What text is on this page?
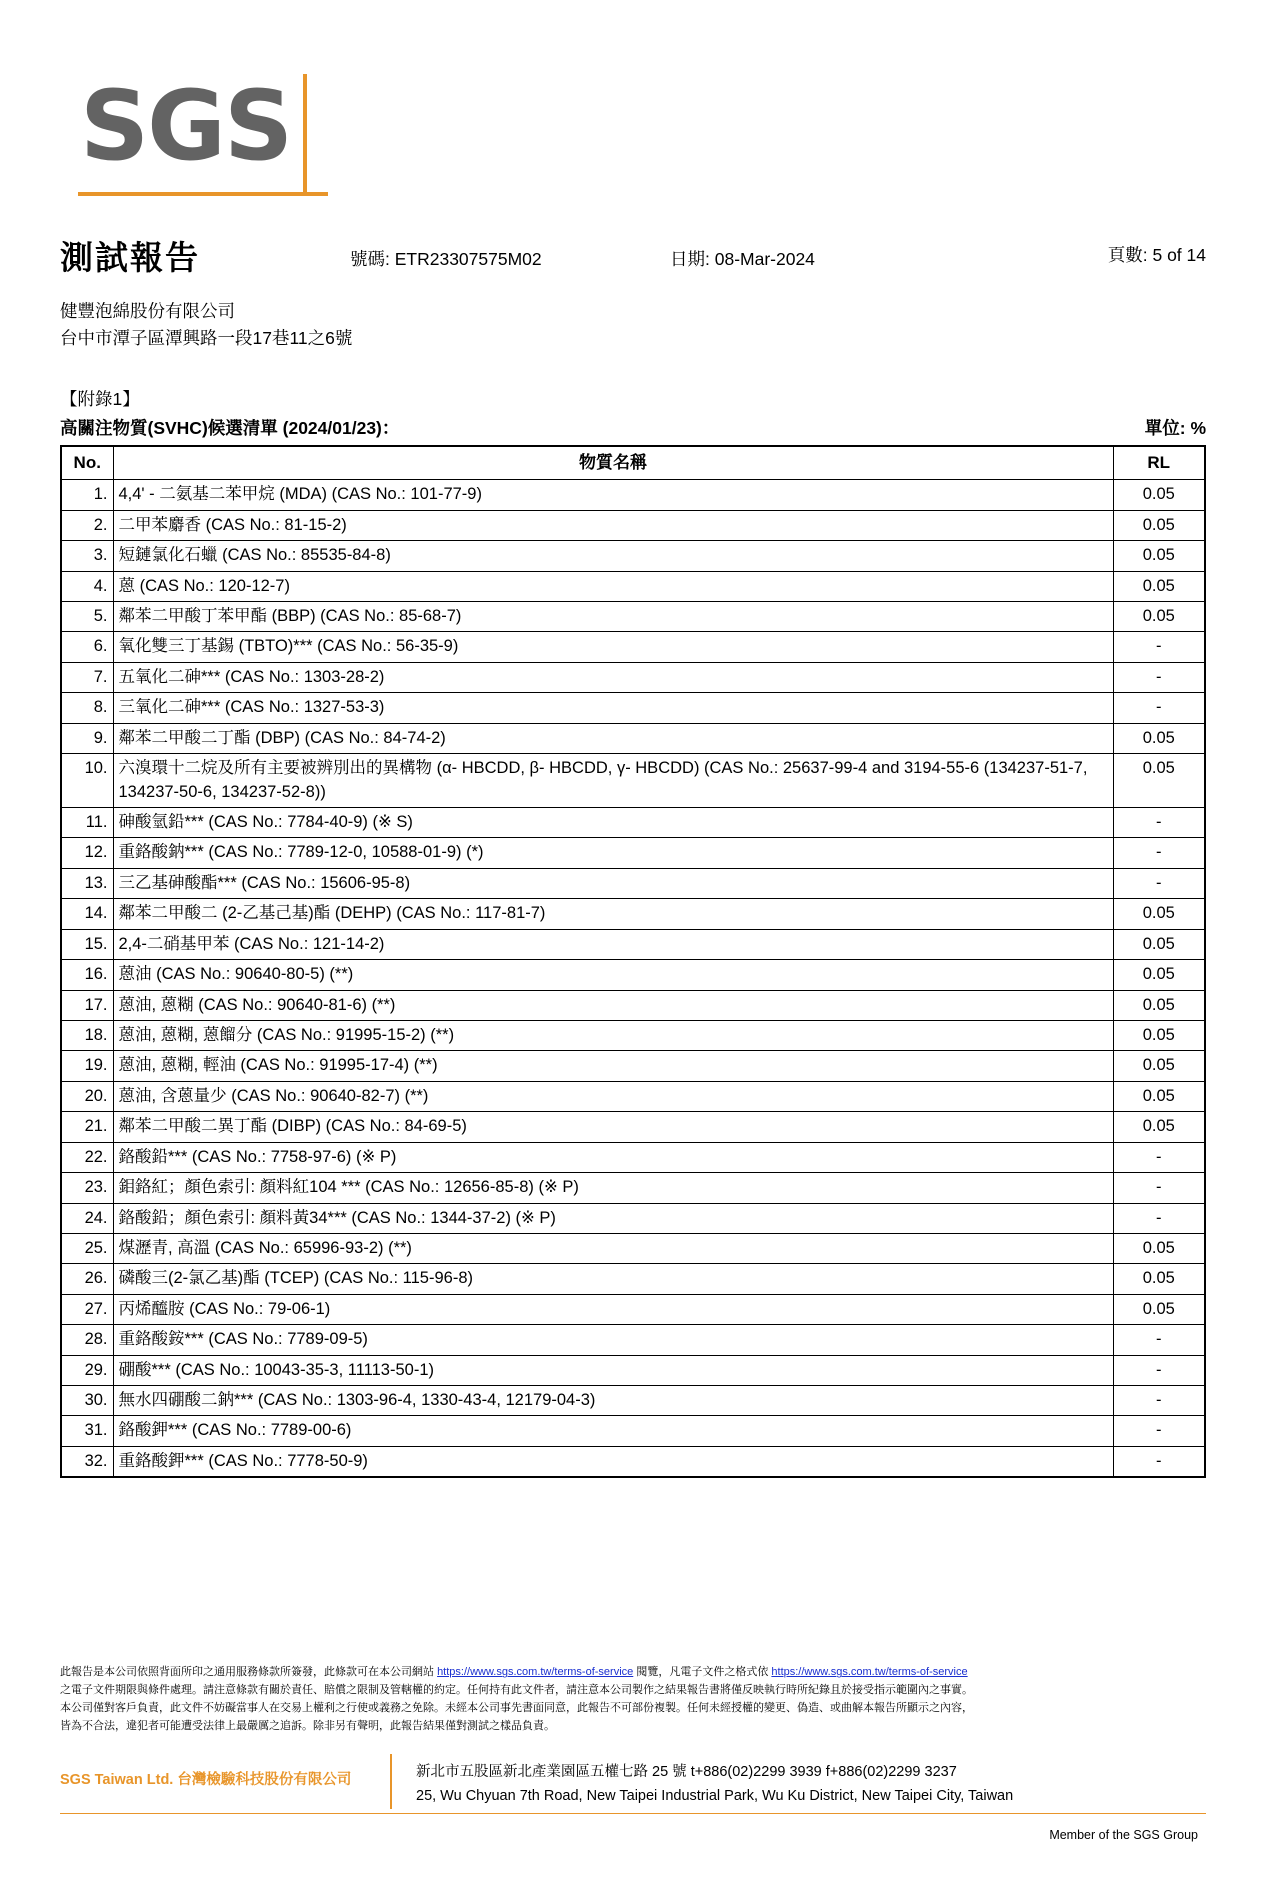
SGS
測試報告	號碼: ETR23307575M02	日期: 08-Mar-2024	頁數: 5 of 14
健豐泡綿股份有限公司
台中市潭子區潭興路一段17巷11之6號
【附錄1】
高關注物質(SVHC)候選清單 (2024/01/23)：	單位: %
No.	物質名稱	RL
1.	4,4' - 二氨基二苯甲烷 (MDA) (CAS No.: 101-77-9)	0.05
2.	二甲苯麝香 (CAS No.: 81-15-2)	0.05
3.	短鏈氯化石蠟 (CAS No.: 85535-84-8)	0.05
4.	蒽 (CAS No.: 120-12-7)	0.05
5.	鄰苯二甲酸丁苯甲酯 (BBP) (CAS No.: 85-68-7)	0.05
6.	氧化雙三丁基錫 (TBTO)*** (CAS No.: 56-35-9)	-
7.	五氧化二砷*** (CAS No.: 1303-28-2)	-
8.	三氧化二砷*** (CAS No.: 1327-53-3)	-
9.	鄰苯二甲酸二丁酯 (DBP) (CAS No.: 84-74-2)	0.05
10.	六溴環十二烷及所有主要被辨別出的異構物 (α- HBCDD, β- HBCDD, γ- HBCDD) (CAS No.: 25637-99-4 and 3194-55-6 (134237-51-7, 134237-50-6, 134237-52-8))	0.05
11.	砷酸氫鉛*** (CAS No.: 7784-40-9) (※ S)	-
12.	重鉻酸鈉*** (CAS No.: 7789-12-0, 10588-01-9) (*)	-
13.	三乙基砷酸酯*** (CAS No.: 15606-95-8)	-
14.	鄰苯二甲酸二 (2-乙基己基)酯 (DEHP) (CAS No.: 117-81-7)	0.05
15.	2,4-二硝基甲苯 (CAS No.: 121-14-2)	0.05
16.	蒽油 (CAS No.: 90640-80-5) (**)	0.05
17.	蒽油, 蒽糊 (CAS No.: 90640-81-6) (**)	0.05
18.	蒽油, 蒽糊, 蒽餾分 (CAS No.: 91995-15-2) (**)	0.05
19.	蒽油, 蒽糊, 輕油 (CAS No.: 91995-17-4) (**)	0.05
20.	蒽油, 含蒽量少 (CAS No.: 90640-82-7) (**)	0.05
21.	鄰苯二甲酸二異丁酯 (DIBP) (CAS No.: 84-69-5)	0.05
22.	鉻酸鉛*** (CAS No.: 7758-97-6) (※ P)	-
23.	鉬鉻紅；顏色索引: 顏料紅104 *** (CAS No.: 12656-85-8) (※ P)	-
24.	鉻酸鉛；顏色索引: 顏料黃34*** (CAS No.: 1344-37-2) (※ P)	-
25.	煤瀝青, 高溫 (CAS No.: 65996-93-2) (**)	0.05
26.	磷酸三(2-氯乙基)酯 (TCEP) (CAS No.: 115-96-8)	0.05
27.	丙烯醯胺 (CAS No.: 79-06-1)	0.05
28.	重鉻酸銨*** (CAS No.: 7789-09-5)	-
29.	硼酸*** (CAS No.: 10043-35-3, 11113-50-1)	-
30.	無水四硼酸二鈉*** (CAS No.: 1303-96-4, 1330-43-4, 12179-04-3)	-
31.	鉻酸鉀*** (CAS No.: 7789-00-6)	-
32.	重鉻酸鉀*** (CAS No.: 7778-50-9)	-
此報告是本公司依照背面所印之通用服務條款所簽發，此條款可在本公司網站 https://www.sgs.com.tw/terms-of-service 閱覽，凡電子文件之格式依 https://www.sgs.com.tw/terms-of-service
之電子文件期限與條件處理。請注意條款有關於責任、賠償之限制及管轄權的約定。任何持有此文件者，請注意本公司製作之結果報告書將僅反映執行時所紀錄且於接受指示範圍內之事實。
本公司僅對客戶負責，此文件不妨礙當事人在交易上權利之行使或義務之免除。未經本公司事先書面同意，此報告不可部份複製。任何未經授權的變更、偽造、或曲解本報告所顯示之內容，
皆為不合法，違犯者可能遭受法律上最嚴厲之追訴。除非另有聲明，此報告結果僅對測試之樣品負責。
SGS Taiwan Ltd. 台灣檢驗科技股份有限公司	新北市五股區新北產業園區五權七路 25 號 t+886(02)2299 3939 f+886(02)2299 3237
25, Wu Chyuan 7th Road, New Taipei Industrial Park, Wu Ku District, New Taipei City, Taiwan
Member of the SGS Group
